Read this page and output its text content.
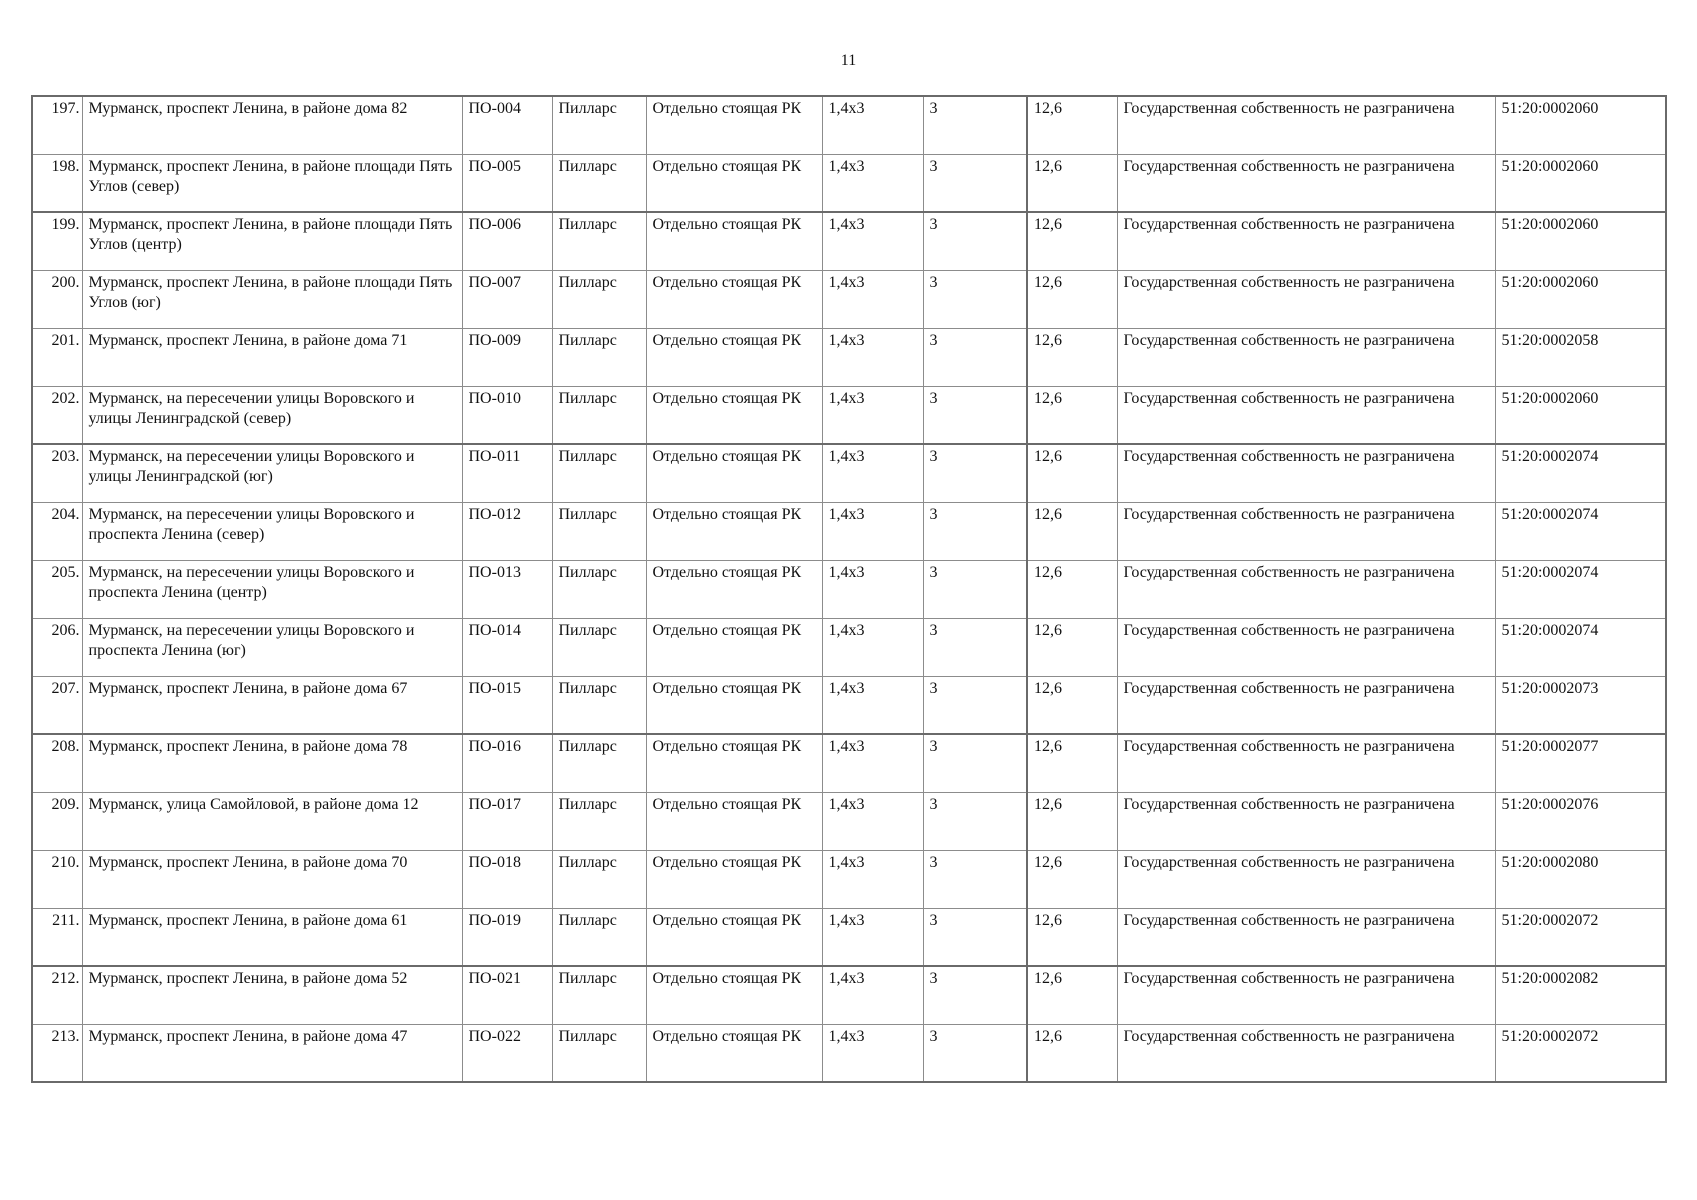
11
197.	Мурманск, проспект Ленина, в районе дома 82	ПО-004	Пилларс	Отдельно стоящая РК	1,4х3	3	12,6	Государственная собственность не разграничена	51:20:0002060
198.	Мурманск, проспект Ленина, в районе площади Пять Углов (север)	ПО-005	Пилларс	Отдельно стоящая РК	1,4х3	3	12,6	Государственная собственность не разграничена	51:20:0002060
199.	Мурманск, проспект Ленина, в районе площади Пять Углов (центр)	ПО-006	Пилларс	Отдельно стоящая РК	1,4х3	3	12,6	Государственная собственность не разграничена	51:20:0002060
200.	Мурманск, проспект Ленина, в районе площади Пять Углов (юг)	ПО-007	Пилларс	Отдельно стоящая РК	1,4х3	3	12,6	Государственная собственность не разграничена	51:20:0002060
201.	Мурманск, проспект Ленина, в районе дома 71	ПО-009	Пилларс	Отдельно стоящая РК	1,4х3	3	12,6	Государственная собственность не разграничена	51:20:0002058
202.	Мурманск, на пересечении улицы Воровского и улицы Ленинградской (север)	ПО-010	Пилларс	Отдельно стоящая РК	1,4х3	3	12,6	Государственная собственность не разграничена	51:20:0002060
203.	Мурманск, на пересечении улицы Воровского и улицы Ленинградской (юг)	ПО-011	Пилларс	Отдельно стоящая РК	1,4х3	3	12,6	Государственная собственность не разграничена	51:20:0002074
204.	Мурманск, на пересечении улицы Воровского и проспекта Ленина (север)	ПО-012	Пилларс	Отдельно стоящая РК	1,4х3	3	12,6	Государственная собственность не разграничена	51:20:0002074
205.	Мурманск, на пересечении улицы Воровского и проспекта Ленина (центр)	ПО-013	Пилларс	Отдельно стоящая РК	1,4х3	3	12,6	Государственная собственность не разграничена	51:20:0002074
206.	Мурманск, на пересечении улицы Воровского и проспекта Ленина (юг)	ПО-014	Пилларс	Отдельно стоящая РК	1,4х3	3	12,6	Государственная собственность не разграничена	51:20:0002074
207.	Мурманск, проспект Ленина, в районе дома 67	ПО-015	Пилларс	Отдельно стоящая РК	1,4х3	3	12,6	Государственная собственность не разграничена	51:20:0002073
208.	Мурманск, проспект Ленина, в районе дома 78	ПО-016	Пилларс	Отдельно стоящая РК	1,4х3	3	12,6	Государственная собственность не разграничена	51:20:0002077
209.	Мурманск, улица Самойловой, в районе дома 12	ПО-017	Пилларс	Отдельно стоящая РК	1,4х3	3	12,6	Государственная собственность не разграничена	51:20:0002076
210.	Мурманск, проспект Ленина, в районе дома 70	ПО-018	Пилларс	Отдельно стоящая РК	1,4х3	3	12,6	Государственная собственность не разграничена	51:20:0002080
211.	Мурманск, проспект Ленина, в районе дома 61	ПО-019	Пилларс	Отдельно стоящая РК	1,4х3	3	12,6	Государственная собственность не разграничена	51:20:0002072
212.	Мурманск, проспект Ленина, в районе дома 52	ПО-021	Пилларс	Отдельно стоящая РК	1,4х3	3	12,6	Государственная собственность не разграничена	51:20:0002082
213.	Мурманск, проспект Ленина, в районе дома 47	ПО-022	Пилларс	Отдельно стоящая РК	1,4х3	3	12,6	Государственная собственность не разграничена	51:20:0002072
